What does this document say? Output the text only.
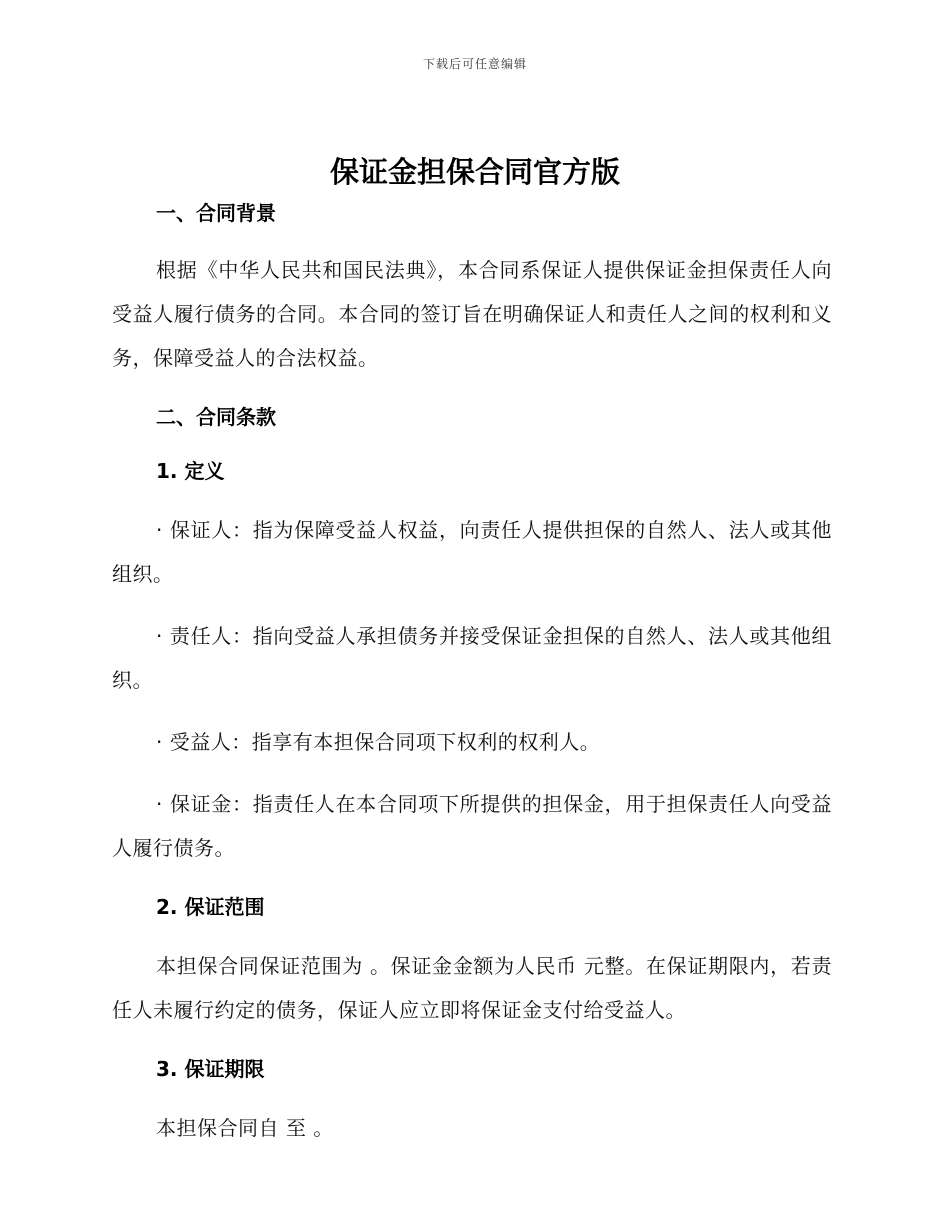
下载后可任意编辑
保证金担保合同官方版

一、合同背景

根据《中华人民共和国民法典》，本合同系保证人提供保证金担保责任人向受益人履行债务的合同。本合同的签订旨在明确保证人和责任人之间的权利和义务，保障受益人的合法权益。

二、合同条款

1. 定义

· 保证人：指为保障受益人权益，向责任人提供担保的自然人、法人或其他组织。

· 责任人：指向受益人承担债务并接受保证金担保的自然人、法人或其他组织。

· 受益人：指享有本担保合同项下权利的权利人。

· 保证金：指责任人在本合同项下所提供的担保金，用于担保责任人向受益人履行债务。

2. 保证范围

本担保合同保证范围为 。保证金金额为人民币 元整。在保证期限内，若责任人未履行约定的债务，保证人应立即将保证金支付给受益人。

3. 保证期限

本担保合同自 至 。
